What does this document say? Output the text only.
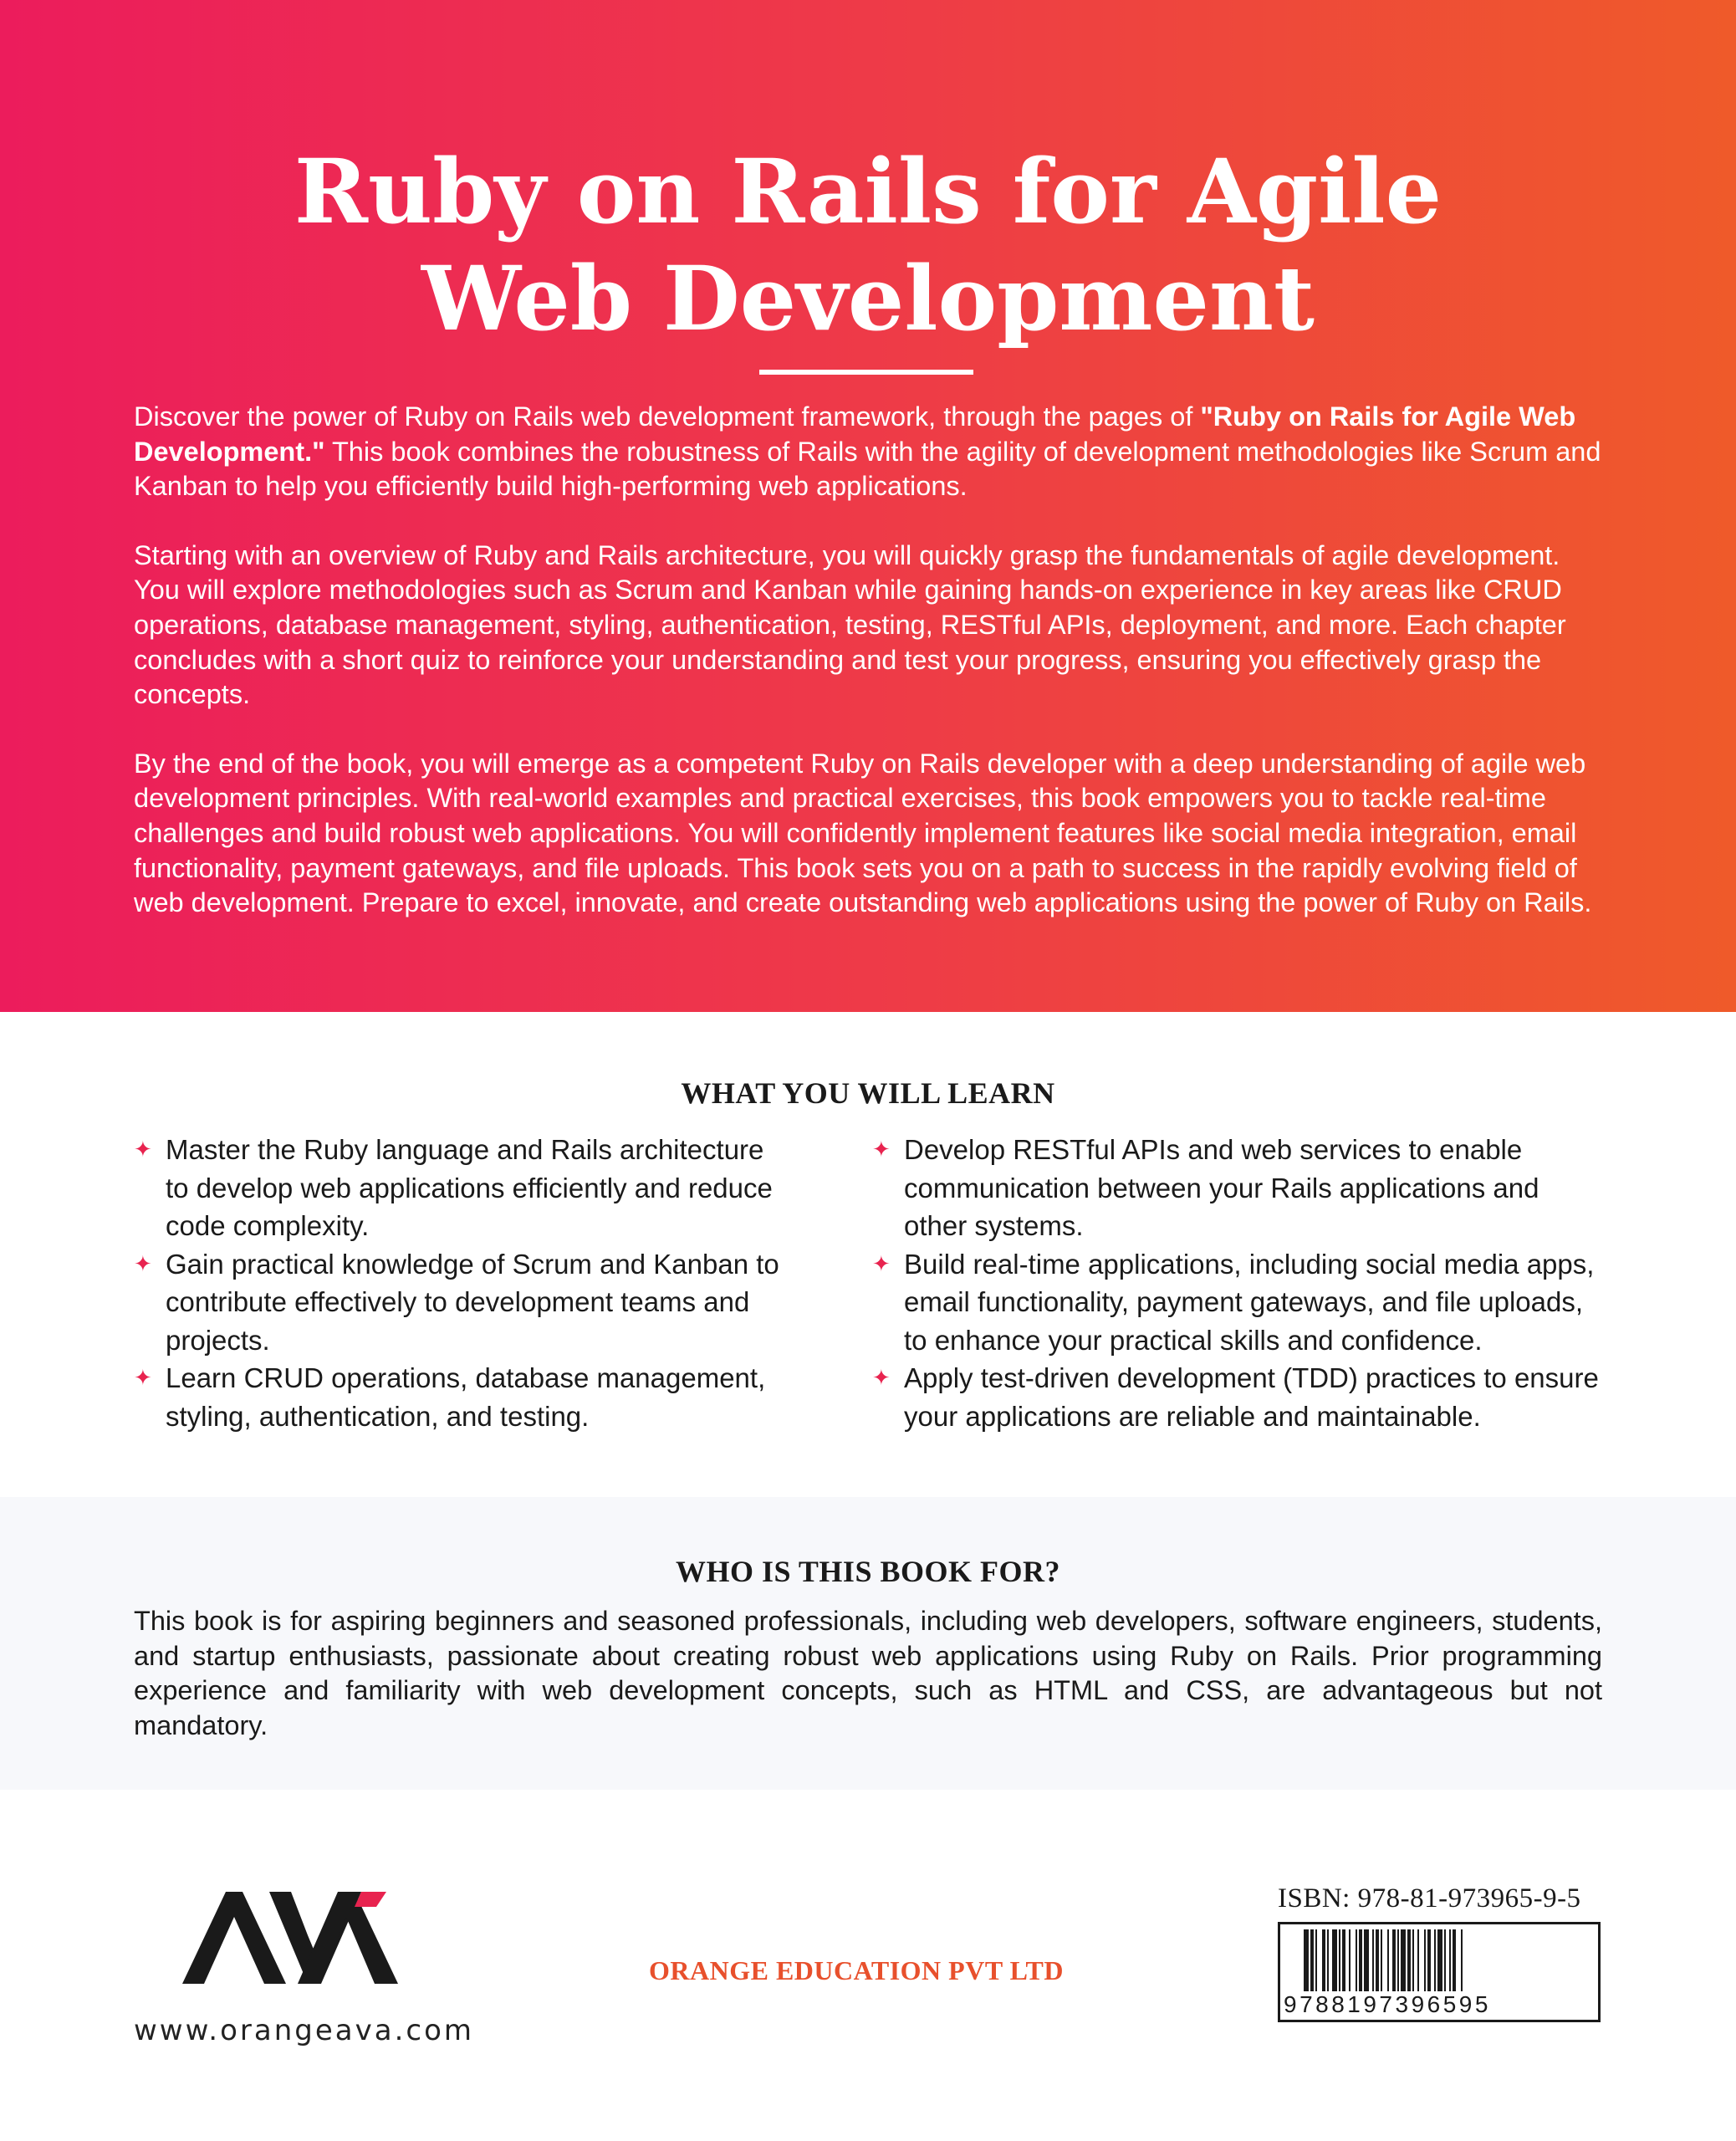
Ruby on Rails for Agile
Web Development

Discover the power of Ruby on Rails web development framework, through the pages of "Ruby on Rails for Agile Web Development." This book combines the robustness of Rails with the agility of development methodologies like Scrum and Kanban to help you efficiently build high-performing web applications.

Starting with an overview of Ruby and Rails architecture, you will quickly grasp the fundamentals of agile development. You will explore methodologies such as Scrum and Kanban while gaining hands-on experience in key areas like CRUD operations, database management, styling, authentication, testing, RESTful APIs, deployment, and more. Each chapter concludes with a short quiz to reinforce your understanding and test your progress, ensuring you effectively grasp the concepts.

By the end of the book, you will emerge as a competent Ruby on Rails developer with a deep understanding of agile web development principles. With real-world examples and practical exercises, this book empowers you to tackle real-time challenges and build robust web applications. You will confidently implement features like social media integration, email functionality, payment gateways, and file uploads. This book sets you on a path to success in the rapidly evolving field of web development. Prepare to excel, innovate, and create outstanding web applications using the power of Ruby on Rails.

WHAT YOU WILL LEARN
✦ Master the Ruby language and Rails architecture to develop web applications efficiently and reduce code complexity.
✦ Gain practical knowledge of Scrum and Kanban to contribute effectively to development teams and projects.
✦ Learn CRUD operations, database management, styling, authentication, and testing.
✦ Develop RESTful APIs and web services to enable communication between your Rails applications and other systems.
✦ Build real-time applications, including social media apps, email functionality, payment gateways, and file uploads, to enhance your practical skills and confidence.
✦ Apply test-driven development (TDD) practices to ensure your applications are reliable and maintainable.
WHO IS THIS BOOK FOR?

This book is for aspiring beginners and seasoned professionals, including web developers, software engineers, students, and startup enthusiasts, passionate about creating robust web applications using Ruby on Rails. Prior programming experience and familiarity with web development concepts, such as HTML and CSS, are advantageous but not mandatory.

www.orangeava.com
ORANGE EDUCATION PVT LTD
ISBN: 978-81-973965-9-5
9788197396595
